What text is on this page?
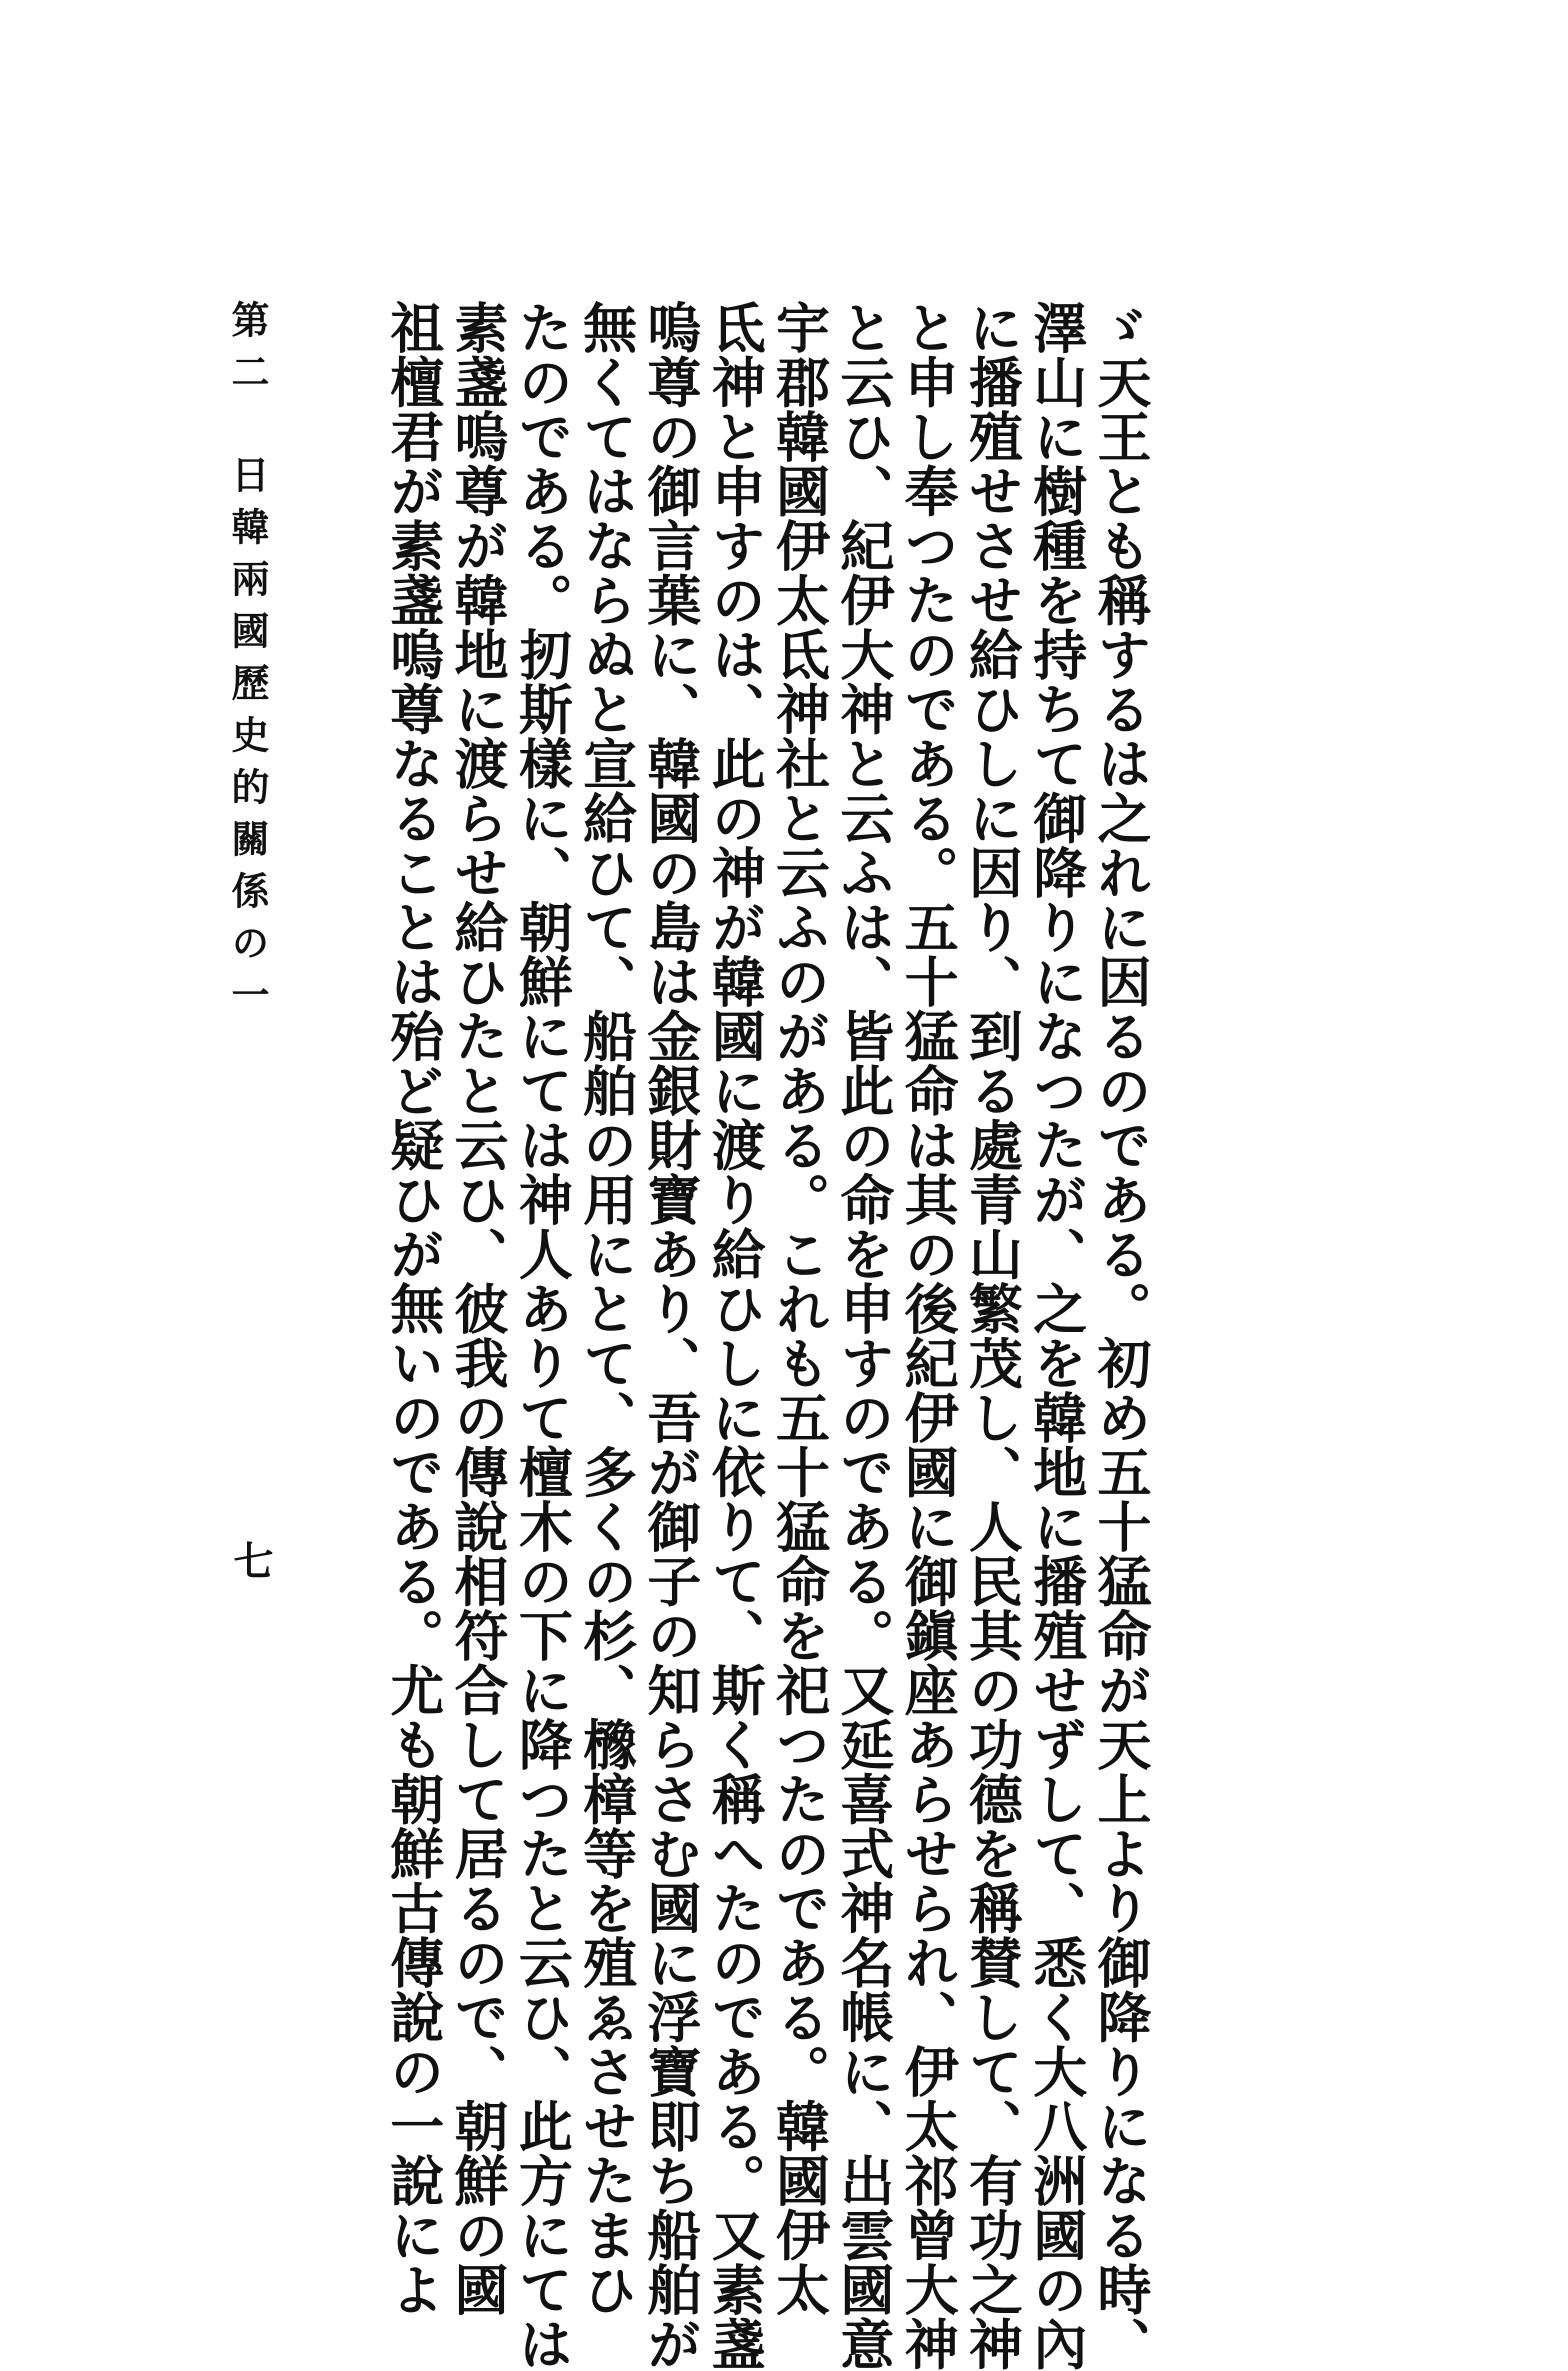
ゞ天王とも稱するは之れに因るのである。初め五十猛命が天上より御降りになる時、
澤山に樹種を持ちて御降りになつたが、之を韓地に播殖せずして、悉く大八洲國の內
に播殖せさせ給ひしに因り、到る處青山繁茂し、人民其の功德を稱賛して、有功之神
と申し奉つたのである。五十猛命は其の後紀伊國に御鎭座あらせられ、伊太祁曾大神
と云ひ、紀伊大神と云ふは、皆此の命を申すのである。又延喜式神名帳に、出雲國意
宇郡韓國伊太氐神社と云ふのがある。これも五十猛命を祀つたのである。韓國伊太
氐神と申すのは、此の神が韓國に渡り給ひしに依りて、斯く稱へたのである。又素盞
嗚尊の御言葉に、韓國の島は金銀財寶あり、吾が御子の知らさむ國に浮寶即ち船舶が
無くてはならぬと宣給ひて、船舶の用にとて、多くの杉、櫲樟等を殖ゑさせたまひ
たのである。扨斯樣に、朝鮮にては神人ありて檀木の下に降つたと云ひ、此方にては
素盞嗚尊が韓地に渡らせ給ひたと云ひ、彼我の傳說相符合して居るので、朝鮮の國
祖檀君が素盞嗚尊なることは殆ど疑ひが無いのである。尤も朝鮮古傳說の一說によ
第二 日韓兩國歷史的關係の一
七
